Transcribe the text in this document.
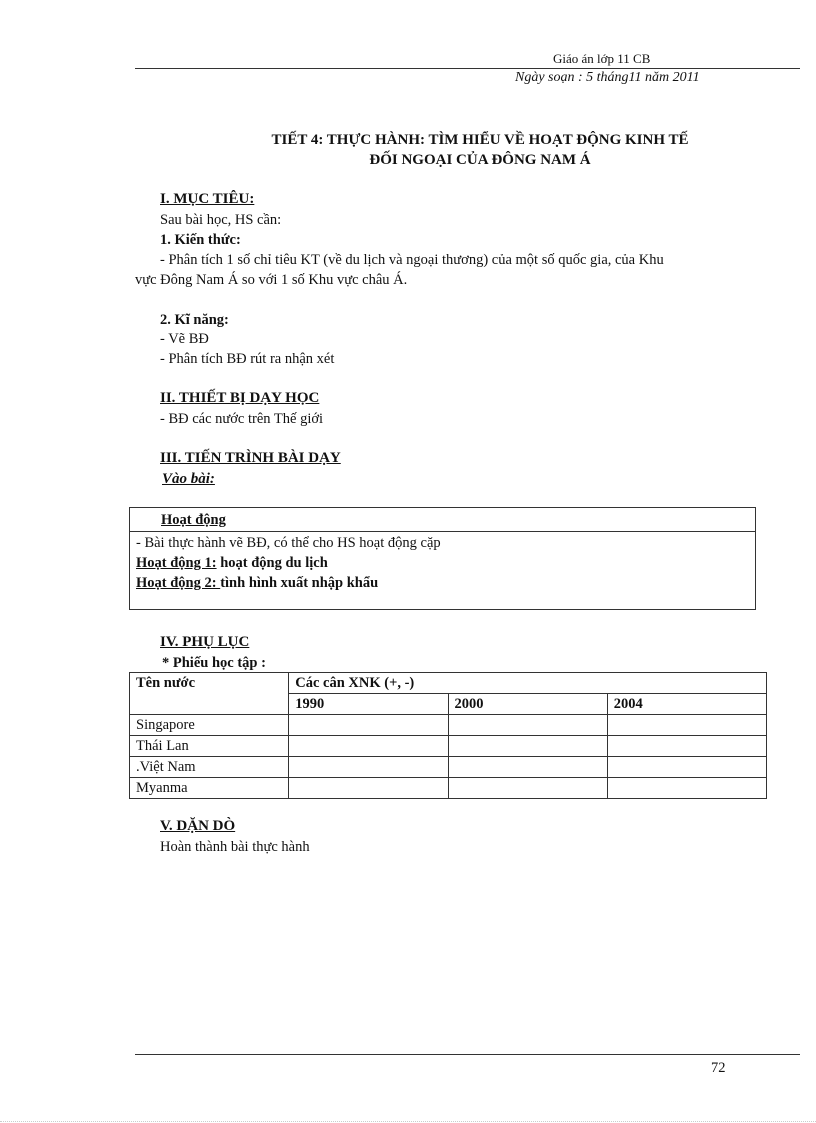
Giáo án lớp 11 CB
Ngày soạn : 5 tháng11 năm 2011
TIẾT 4: THỰC HÀNH: TÌM HIỂU VỀ HOẠT ĐỘNG KINH TẾ
ĐỐI NGOẠI CỦA ĐÔNG NAM Á
I. MỤC TIÊU:
Sau bài học, HS cần:
1. Kiến thức:
- Phân tích 1 số chỉ tiêu KT (về du lịch và ngoại thương) của một số quốc gia, của Khu
vực Đông Nam Á so với 1 số Khu vực châu Á.
2. Kĩ năng:
- Vẽ BĐ
- Phân tích BĐ rút ra nhận xét
II. THIẾT BỊ DẠY HỌC
- BĐ các nước trên Thế giới
III. TIẾN TRÌNH BÀI DẠY
Vào bài:
Hoạt động
- Bài thực hành vẽ BĐ, có thể cho HS hoạt động cặp
Hoạt động 1: hoạt động du lịch
Hoạt động 2: tình hình xuất nhập khẩu
IV. PHỤ LỤC
* Phiếu học tập :
Tên nước	Các cân XNK (+, -)		
	1990	2000	2004
Singapore			
Thái Lan			
.Việt Nam			
Myanma			
V. DẶN DÒ
Hoàn thành bài thực hành
72
